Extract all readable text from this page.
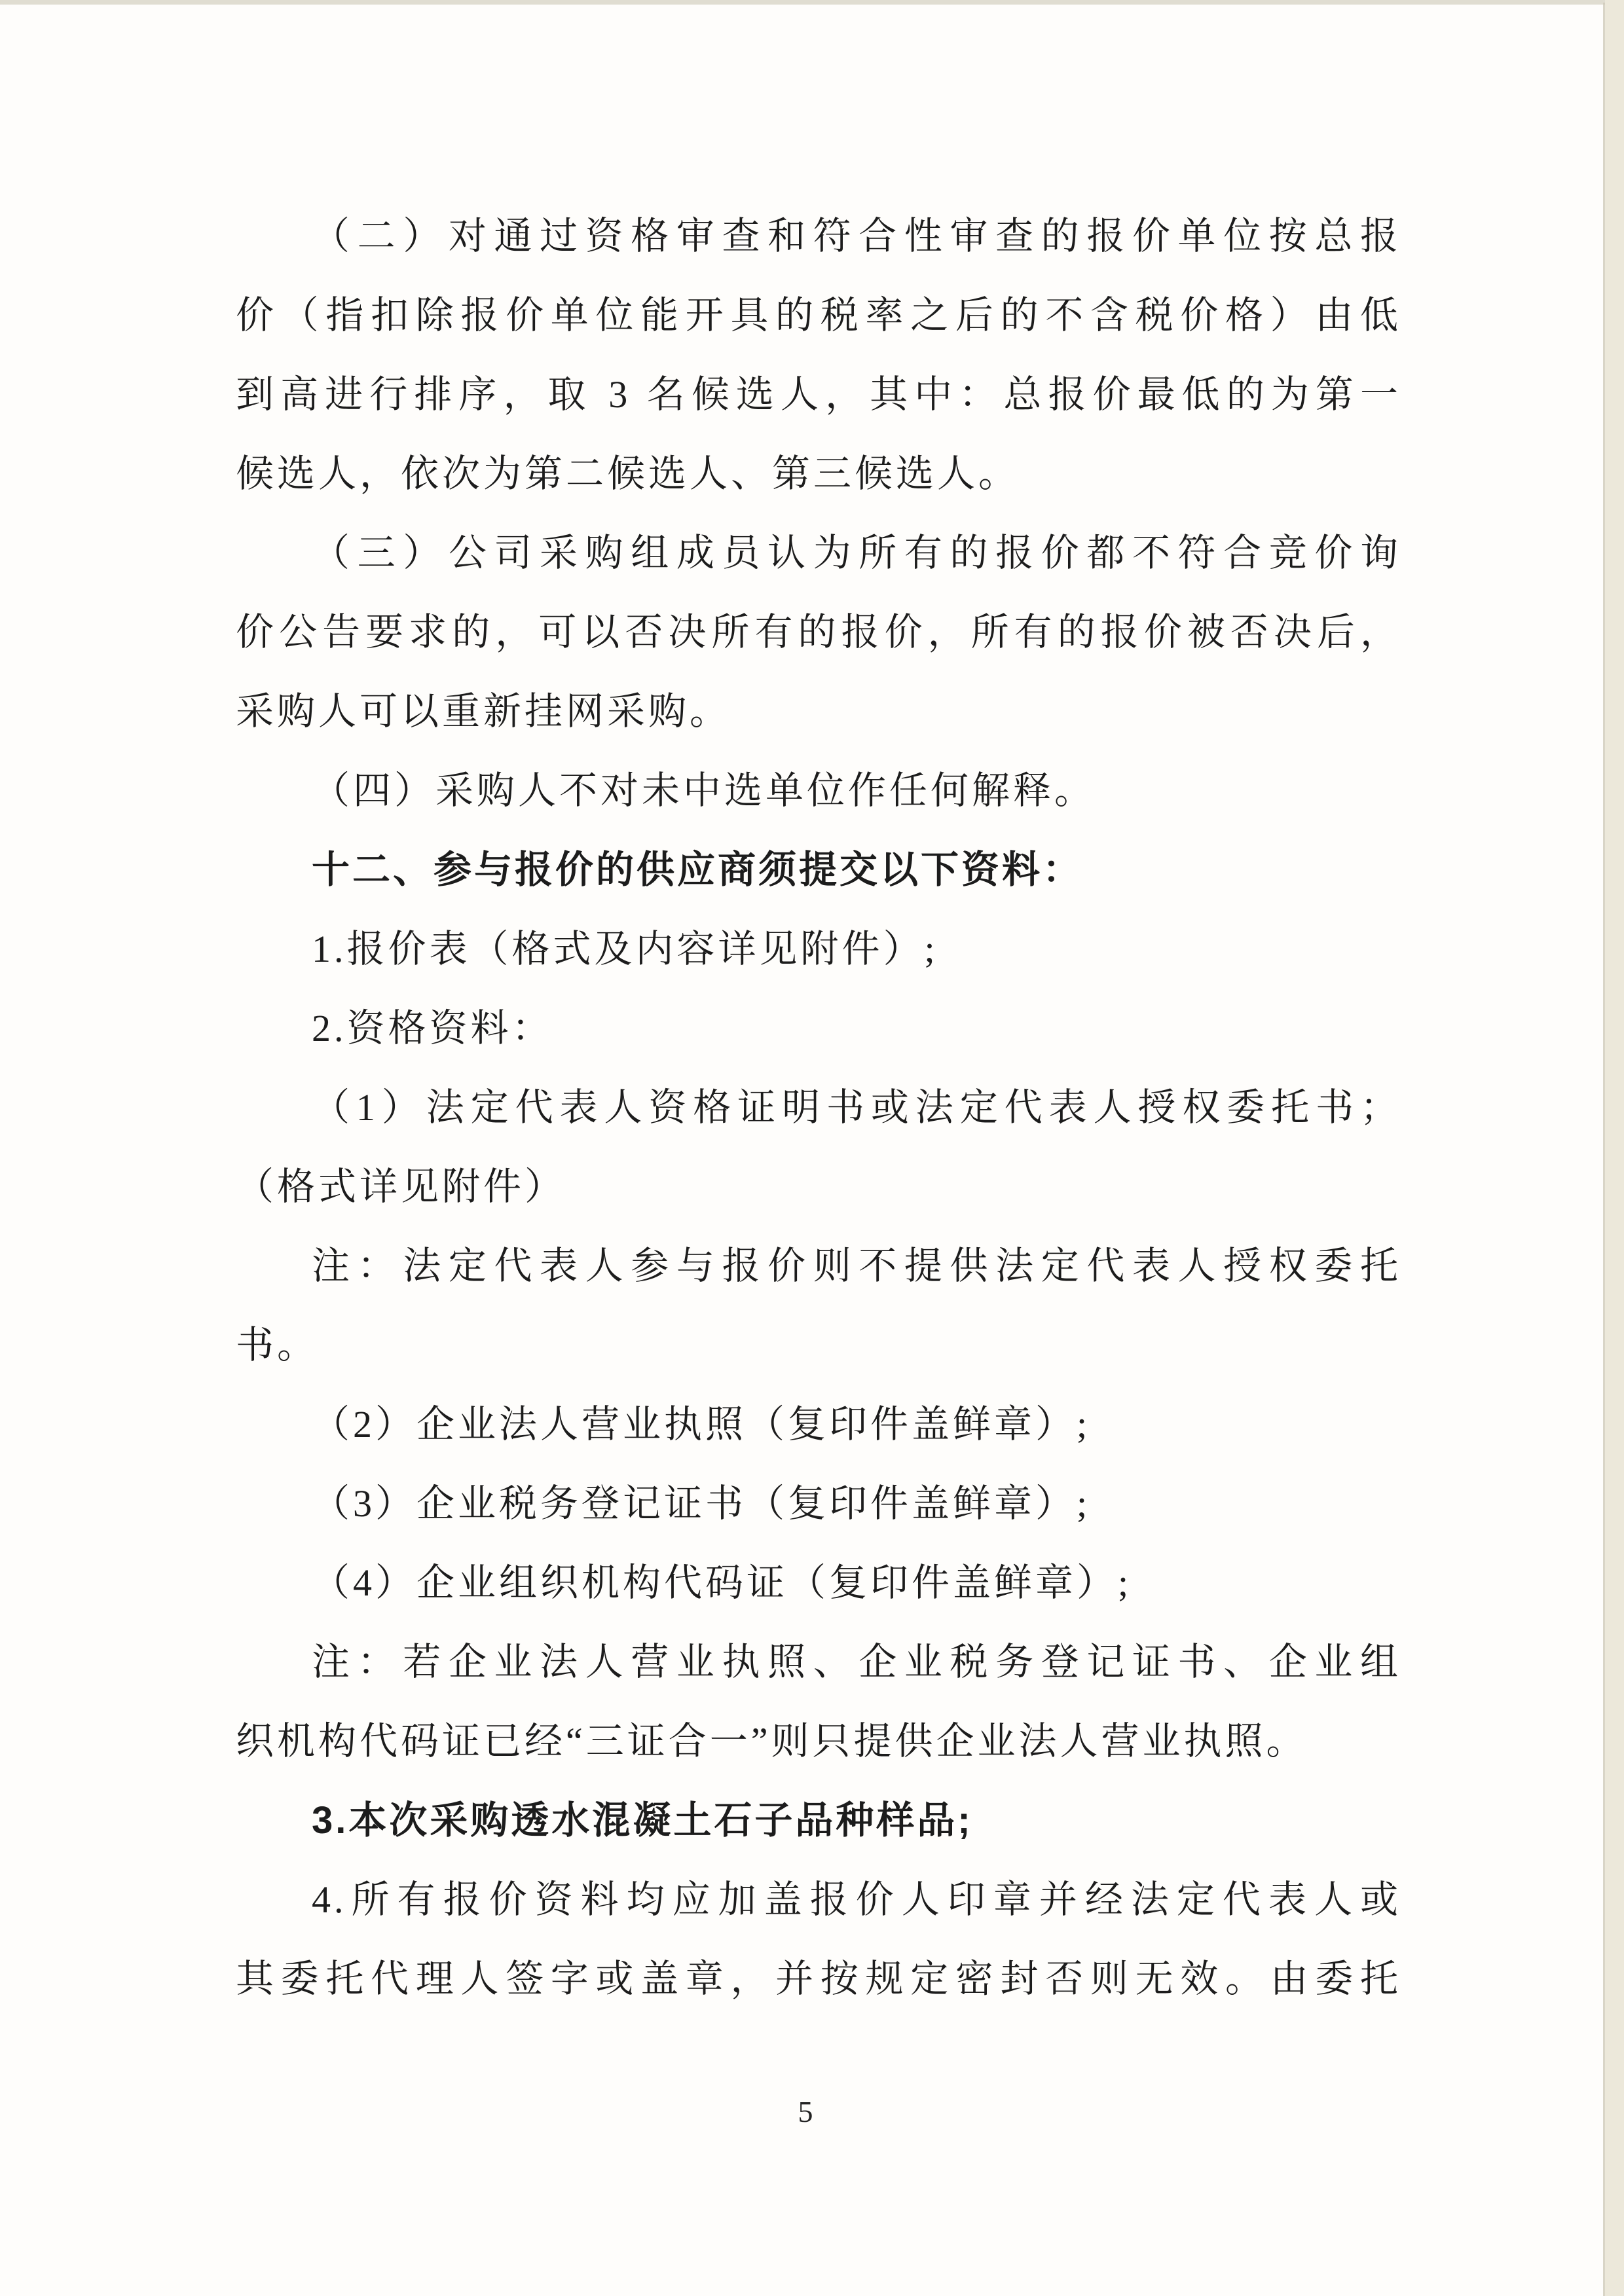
（二）对通过资格审查和符合性审查的报价单位按总报
价（指扣除报价单位能开具的税率之后的不含税价格）由低
到高进行排序，取 3 名候选人，其中：总报价最低的为第一
候选人，依次为第二候选人、第三候选人。
（三）公司采购组成员认为所有的报价都不符合竞价询
价公告要求的，可以否决所有的报价，所有的报价被否决后，
采购人可以重新挂网采购。
（四）采购人不对未中选单位作任何解释。
十二、参与报价的供应商须提交以下资料：
1.报价表（格式及内容详见附件）;
2.资格资料：
（1）法定代表人资格证明书或法定代表人授权委托书；
（格式详见附件）
注：法定代表人参与报价则不提供法定代表人授权委托
书。
（2）企业法人营业执照（复印件盖鲜章）;
（3）企业税务登记证书（复印件盖鲜章）;
（4）企业组织机构代码证（复印件盖鲜章）;
注：若企业法人营业执照、企业税务登记证书、企业组
织机构代码证已经“三证合一”则只提供企业法人营业执照。
3.本次采购透水混凝土石子品种样品;
4.所有报价资料均应加盖报价人印章并经法定代表人或
其委托代理人签字或盖章，并按规定密封否则无效。由委托
5
